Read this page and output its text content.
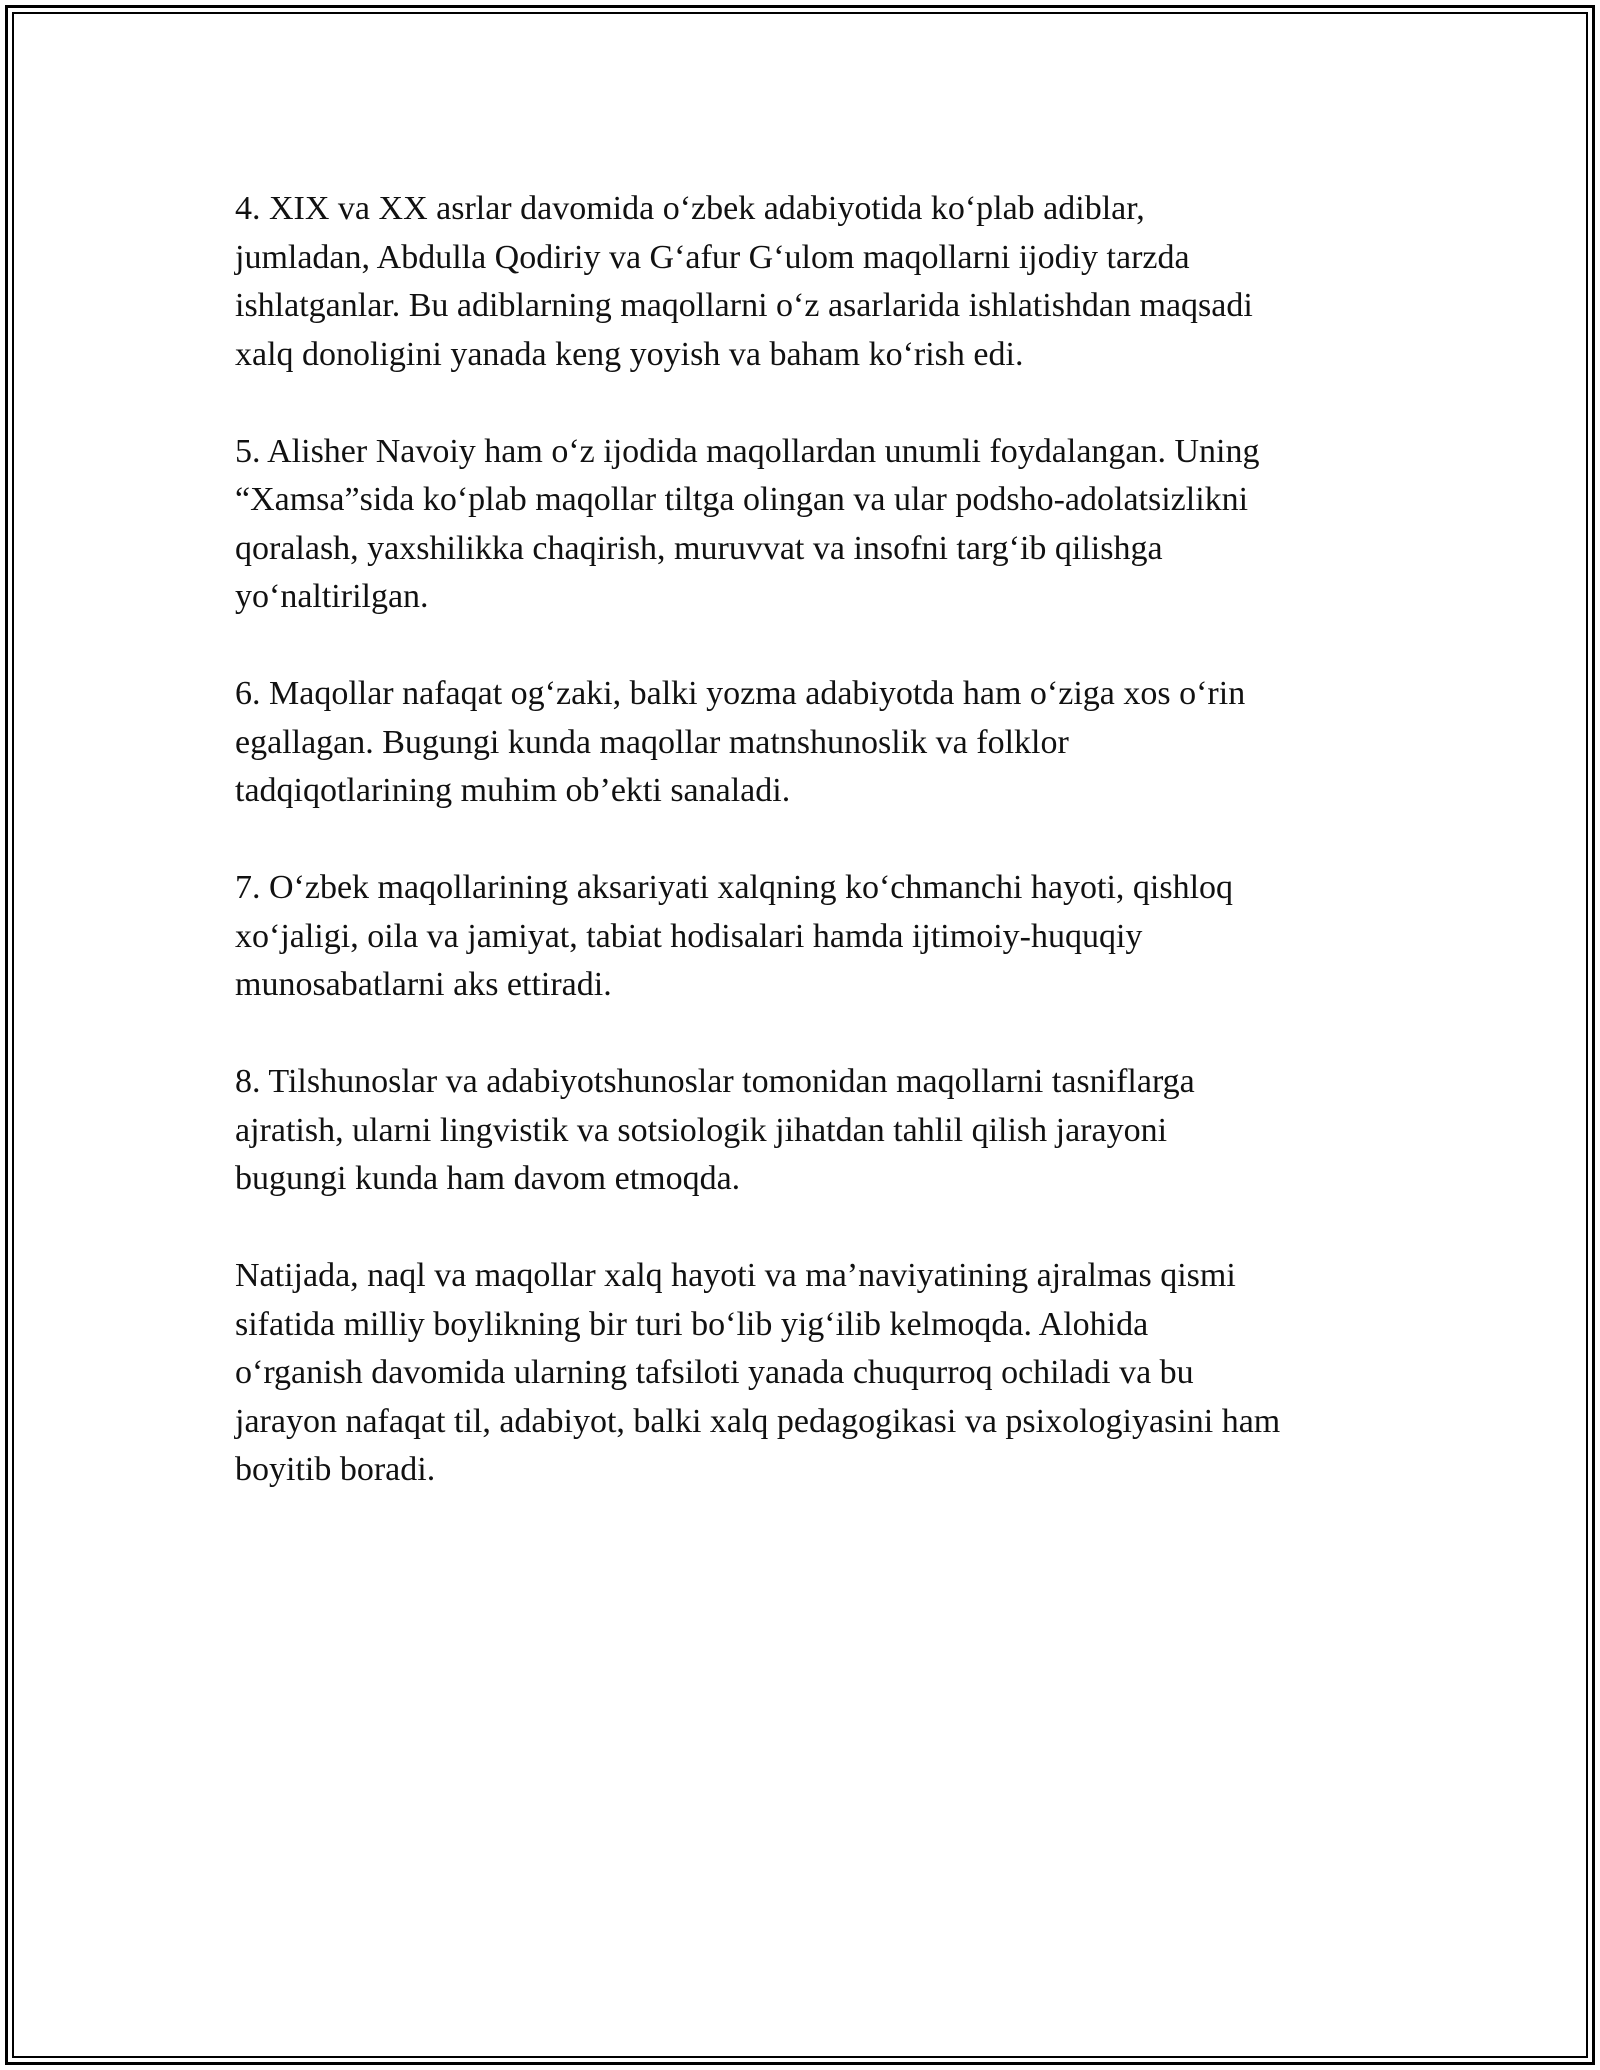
4. XIX va XX asrlar davomida oʻzbek adabiyotida koʻplab adiblar,
jumladan, Abdulla Qodiriy va Gʻafur Gʻulom maqollarni ijodiy tarzda
ishlatganlar. Bu adiblarning maqollarni oʻz asarlarida ishlatishdan maqsadi
xalq donoligini yanada keng yoyish va baham koʻrish edi.

5. Alisher Navoiy ham oʻz ijodida maqollardan unumli foydalangan. Uning
“Xamsa”sida koʻplab maqollar tiltga olingan va ular podsho-adolatsizlikni
qoralash, yaxshilikka chaqirish, muruvvat va insofni targʻib qilishga
yoʻnaltirilgan.

6. Maqollar nafaqat ogʻzaki, balki yozma adabiyotda ham oʻziga xos oʻrin
egallagan. Bugungi kunda maqollar matnshunoslik va folklor
tadqiqotlarining muhim ob’ekti sanaladi.

7. Oʻzbek maqollarining aksariyati xalqning koʻchmanchi hayoti, qishloq
xoʻjaligi, oila va jamiyat, tabiat hodisalari hamda ijtimoiy-huquqiy
munosabatlarni aks ettiradi.

8. Tilshunoslar va adabiyotshunoslar tomonidan maqollarni tasniflarga
ajratish, ularni lingvistik va sotsiologik jihatdan tahlil qilish jarayoni
bugungi kunda ham davom etmoqda.

Natijada, naql va maqollar xalq hayoti va ma’naviyatining ajralmas qismi
sifatida milliy boylikning bir turi boʻlib yigʻilib kelmoqda. Alohida
oʻrganish davomida ularning tafsiloti yanada chuqurroq ochiladi va bu
jarayon nafaqat til, adabiyot, balki xalq pedagogikasi va psixologiyasini ham
boyitib boradi.
